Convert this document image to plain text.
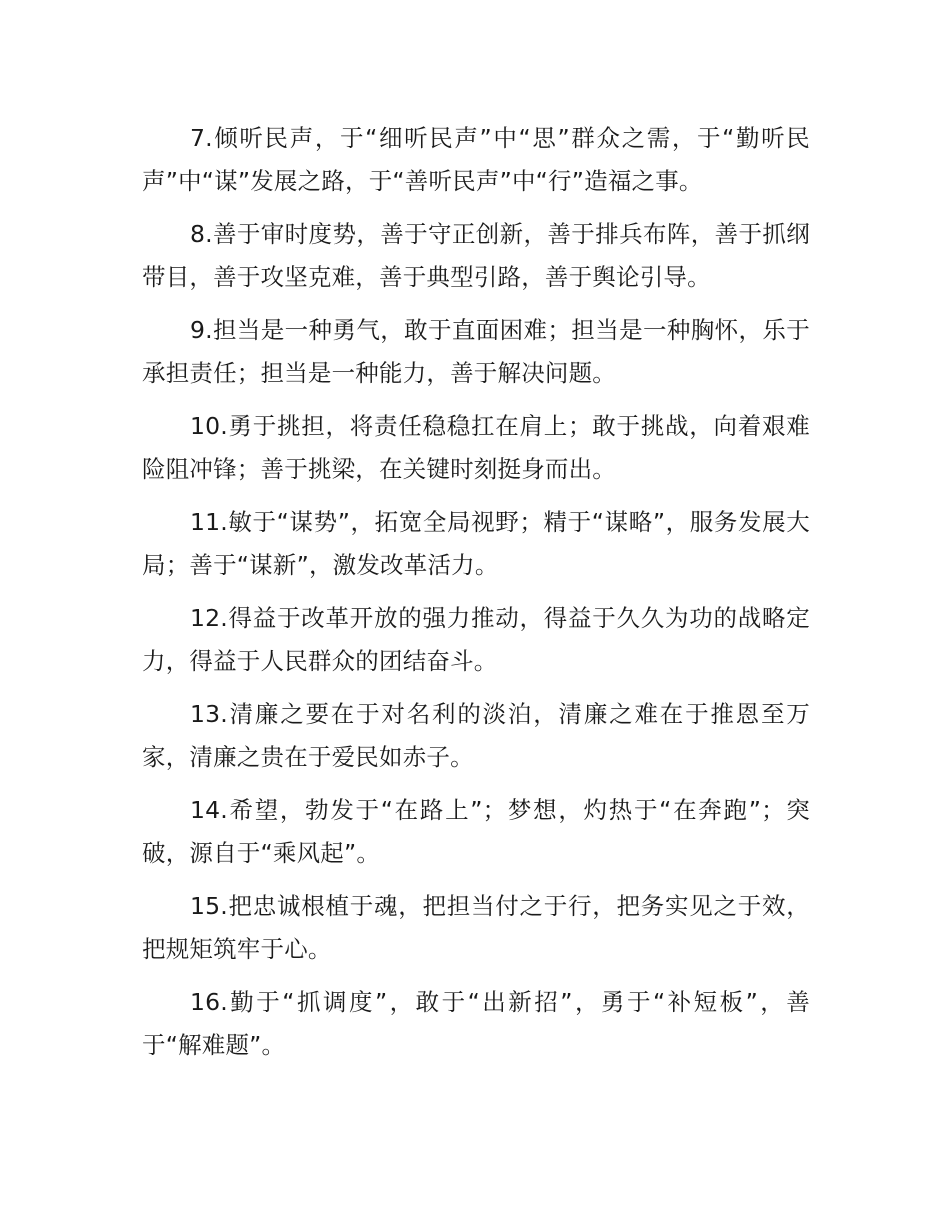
7.倾听民声，于“细听民声”中“思”群众之需，于“勤听民声”中“谋”发展之路，于“善听民声”中“行”造福之事。

8.善于审时度势，善于守正创新，善于排兵布阵，善于抓纲带目，善于攻坚克难，善于典型引路，善于舆论引导。

9.担当是一种勇气，敢于直面困难；担当是一种胸怀，乐于承担责任；担当是一种能力，善于解决问题。

10.勇于挑担，将责任稳稳扛在肩上；敢于挑战，向着艰难险阻冲锋；善于挑梁，在关键时刻挺身而出。

11.敏于“谋势”，拓宽全局视野；精于“谋略”，服务发展大局；善于“谋新”，激发改革活力。

12.得益于改革开放的强力推动，得益于久久为功的战略定力，得益于人民群众的团结奋斗。

13.清廉之要在于对名利的淡泊，清廉之难在于推恩至万家，清廉之贵在于爱民如赤子。

14.希望，勃发于“在路上”；梦想，灼热于“在奔跑”；突破，源自于“乘风起”。

15.把忠诚根植于魂，把担当付之于行，把务实见之于效，把规矩筑牢于心。

16.勤于“抓调度”，敢于“出新招”，勇于“补短板”，善于“解难题”。
